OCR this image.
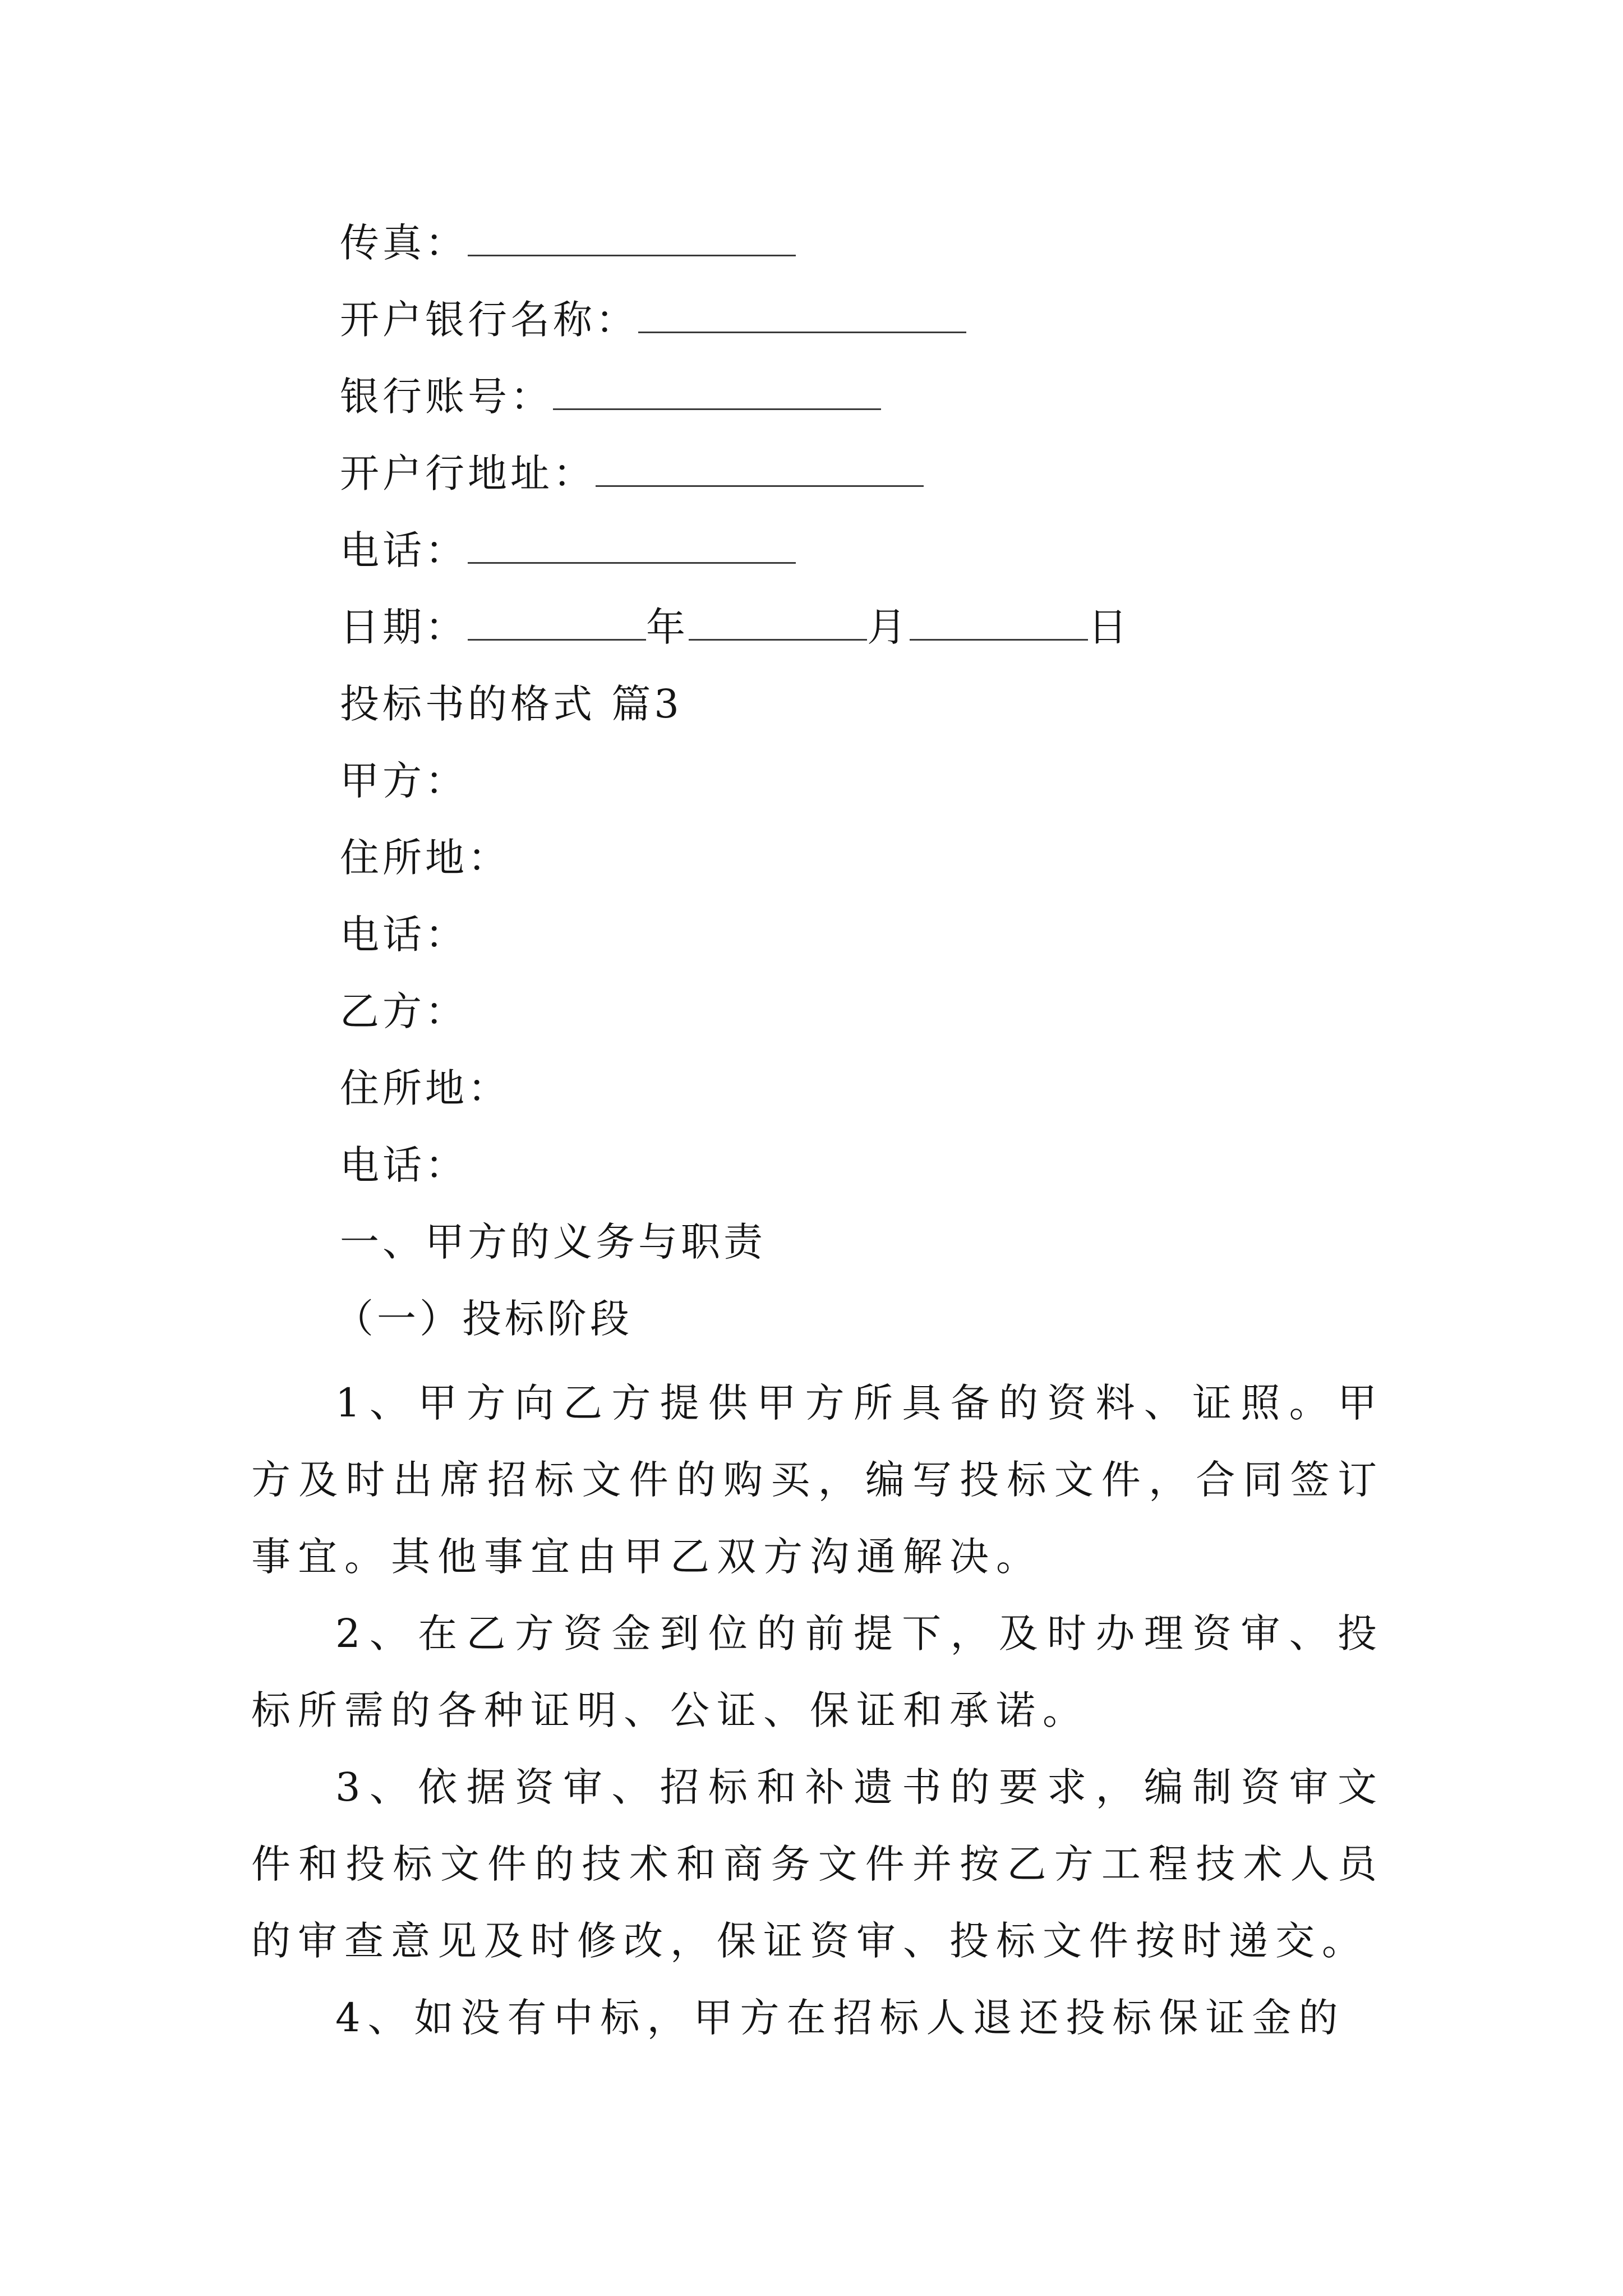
传真：
开户银行名称：
银行账号：
开户行地址：
电话：
日期：	年	月	日
投标书的格式 篇3
甲方：
住所地：
电话：
乙方：
住所地：
电话：
一、甲方的义务与职责
（一）投标阶段
1、甲方向乙方提供甲方所具备的资料、证照。甲方及时出席招标文件的购买，编写投标文件，合同签订事宜。其他事宜由甲乙双方沟通解决。
2、在乙方资金到位的前提下，及时办理资审、投标所需的各种证明、公证、保证和承诺。
3、依据资审、招标和补遗书的要求，编制资审文件和投标文件的技术和商务文件并按乙方工程技术人员的审查意见及时修改，保证资审、投标文件按时递交。
4、如没有中标，甲方在招标人退还投标保证金的
